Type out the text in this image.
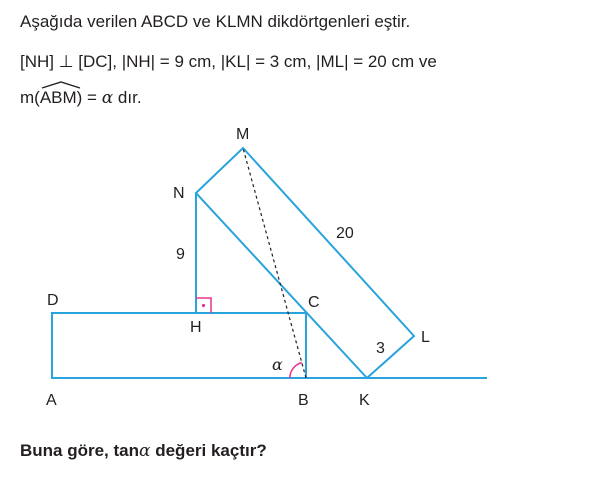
Aşağıda verilen ABCD ve KLMN dikdörtgenleri eştir.
[NH] ⊥ [DC], |NH| = 9 cm, |KL| = 3 cm, |ML| = 20 cm ve
m(ABM
) = α dır.
A	B
C
D
H
K
L
M
N
9
20
3
α
Buna göre, tanα değeri kaçtır?
